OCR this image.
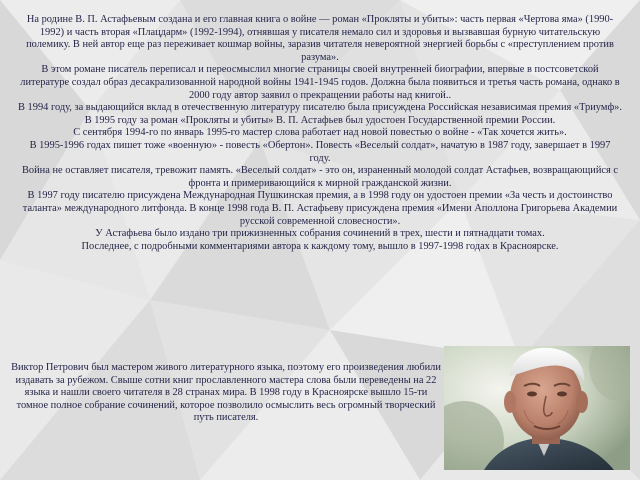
На родине В. П. Астафьевым создана и его главная книга о войне — роман «Прокляты и убиты»: часть первая «Чертова яма» (1990-1992) и часть вторая «Плацдарм» (1992-1994), отнявшая у писателя немало сил и здоровья и вызвавшая бурную читательскую полемику. В ней автор еще раз переживает кошмар войны, заразив читателя невероятной энергией борьбы с «преступлением против разума».

В этом романе писатель переписал и переосмыслил многие страницы своей внутренней биографии, впервые в постсоветской литературе создал образ десакрализованной народной войны 1941-1945 годов. Должна была появиться и третья часть романа, однако в 2000 году автор заявил о прекращении работы над книгой..

В 1994 году, за выдающийся вклад в отечественную литературу писателю была присуждена Российская независимая премия «Триумф». В 1995 году за роман «Прокляты и убиты» В. П. Астафьев был удостоен Государственной премии России.

С сентября 1994-го по январь 1995-го мастер слова работает над новой повестью о войне - «Так хочется жить».

В 1995-1996 годах пишет тоже «военную» - повесть «Обертон». Повесть «Веселый солдат», начатую в 1987 году, завершает в 1997 году.

Война не оставляет писателя, тревожит память. «Веселый солдат» - это он, израненный молодой солдат Астафьев, возвращающийся с фронта и примеривающийся к мирной гражданской жизни.

В 1997 году писателю присуждена Международная Пушкинская премия, а в 1998 году он удостоен премии «За честь и достоинство таланта» международного литфонда. В конце 1998 года В. П. Астафьеву присуждена премия «Имени Аполлона Григорьева Академии русской современной словесности».

У Астафьева было издано три прижизненных собрания сочинений в трех, шести и пятнадцати томах.

Последнее, с подробными комментариями автора к каждому тому, вышло в 1997-1998 годах в Красноярске.

Виктор Петрович был мастером живого литературного языка, поэтому его произведения любили издавать за рубежом. Свыше сотни книг прославленного мастера слова были переведены на 22 языка и нашли своего читателя в 28 странах мира. В 1998 году в Красноярске вышло 15-ти томное полное собрание сочинений, которое позволило осмыслить весь огромный творческий путь писателя.
